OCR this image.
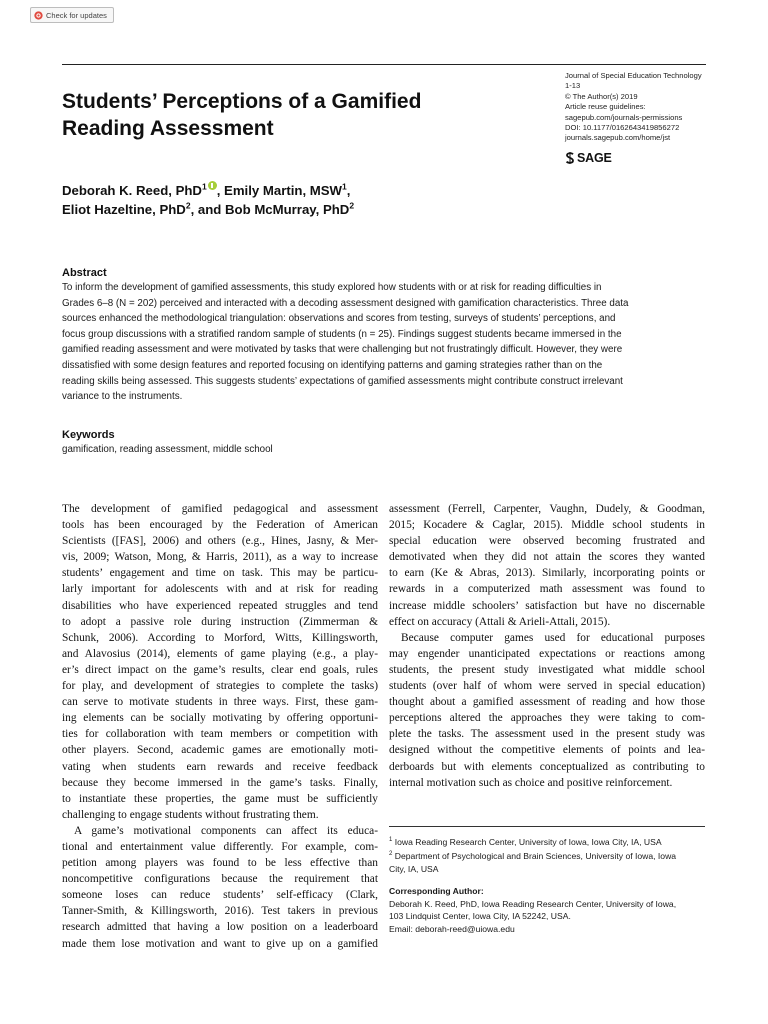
Check for updates
Students’ Perceptions of a Gamified
Reading Assessment
Journal of Special Education Technology
1-13
© The Author(s) 2019
Article reuse guidelines:
sagepub.com/journals-permissions
DOI: 10.1177/0162643419856272
journals.sagepub.com/home/jst
SAGE
Deborah K. Reed, PhD$^1$ , Emily Martin, MSW$^1$,
Eliot Hazeltine, PhD$^2$, and Bob McMurray, PhD$^2$
Abstract

To inform the development of gamified assessments, this study explored how students with or at risk for reading difficulties in
Grades 6–8 (N = 202) perceived and interacted with a decoding assessment designed with gamification characteristics. Three data
sources enhanced the methodological triangulation: observations and scores from testing, surveys of students’ perceptions, and
focus group discussions with a stratified random sample of students (n = 25). Findings suggest students became immersed in the
gamified reading assessment and were motivated by tasks that were challenging but not frustratingly difficult. However, they were
dissatisfied with some design features and reported focusing on identifying patterns and gaming strategies rather than on the
reading skills being assessed. This suggests students’ expectations of gamified assessments might contribute construct irrelevant
variance to the instruments.

Keywords
gamification, reading assessment, middle school
The development of gamified pedagogical and assessment
tools has been encouraged by the Federation of American
Scientists ([FAS], 2006) and others (e.g., Hines, Jasny, & Mer-
vis, 2009; Watson, Mong, & Harris, 2011), as a way to increase
students’ engagement and time on task. This may be particu-
larly important for adolescents with and at risk for reading
disabilities who have experienced repeated struggles and tend
to adopt a passive role during instruction (Zimmerman &
Schunk, 2006). According to Morford, Witts, Killingsworth,
and Alavosius (2014), elements of game playing (e.g., a play-
er’s direct impact on the game’s results, clear end goals, rules
for play, and development of strategies to complete the tasks)
can serve to motivate students in three ways. First, these gam-
ing elements can be socially motivating by offering opportuni-
ties for collaboration with team members or competition with
other players. Second, academic games are emotionally moti-
vating when students earn rewards and receive feedback
because they become immersed in the game’s tasks. Finally,
to instantiate these properties, the game must be sufficiently
challenging to engage students without frustrating them.
A game’s motivational components can affect its educa-
tional and entertainment value differently. For example, com-
petition among players was found to be less effective than
noncompetitive configurations because the requirement that
someone loses can reduce students’ self-efficacy (Clark,
Tanner-Smith, & Killingsworth, 2016). Test takers in previous
research admitted that having a low position on a leaderboard
made them lose motivation and want to give up on a gamified
assessment (Ferrell, Carpenter, Vaughn, Dudely, & Goodman,
2015; Kocadere & Caglar, 2015). Middle school students in
special education were observed becoming frustrated and
demotivated when they did not attain the scores they wanted
to earn (Ke & Abras, 2013). Similarly, incorporating points or
rewards in a computerized math assessment was found to
increase middle schoolers’ satisfaction but have no discernable
effect on accuracy (Attali & Arieli-Attali, 2015).
Because computer games used for educational purposes
may engender unanticipated expectations or reactions among
students, the present study investigated what middle school
students (over half of whom were served in special education)
thought about a gamified assessment of reading and how those
perceptions altered the approaches they were taking to com-
plete the tasks. The assessment used in the present study was
designed without the competitive elements of points and lea-
derboards but with elements conceptualized as contributing to
internal motivation such as choice and positive reinforcement.
$^1$ Iowa Reading Research Center, University of Iowa, Iowa City, IA, USA
$^2$ Department of Psychological and Brain Sciences, University of Iowa, Iowa
City, IA, USA
Corresponding Author:
Deborah K. Reed, PhD, Iowa Reading Research Center, University of Iowa,
103 Lindquist Center, Iowa City, IA 52242, USA.
Email: deborah-reed@uiowa.edu
